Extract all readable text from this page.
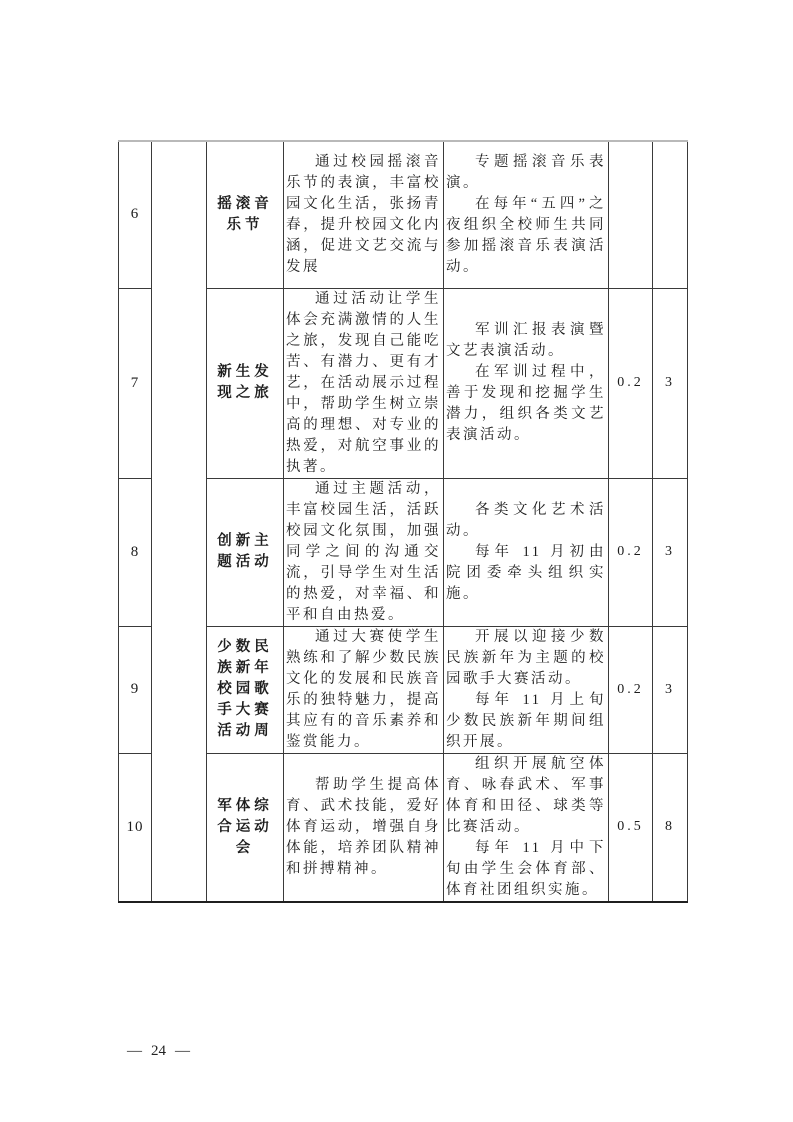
6		摇滚音乐节	通过校园摇滚音乐节的表演，丰富校园文化生活，张扬青春，提升校园文化内涵，促进文艺交流与发展	专题摇滚音乐表演。

在每年“五四”之夜组织全校师生共同参加摇滚音乐表演活动。		

7		新生发现之旅	通过活动让学生体会充满激情的人生之旅，发现自己能吃苦、有潜力、更有才艺，在活动展示过程中，帮助学生树立崇高的理想、对专业的热爱，对航空事业的执著。	军训汇报表演暨文艺表演活动。

在军训过程中，善于发现和挖掘学生潜力，组织各类文艺表演活动。	0.2	3
8		创新主题活动	通过主题活动，丰富校园生活，活跃校园文化氛围，加强同学之间的沟通交流，引导学生对生活的热爱，对幸福、和平和自由热爱。	各类文化艺术活动。

每年 11 月初由院团委牵头组织实施。	0.2	3
9		少数民族新年校园歌手大赛活动周	通过大赛使学生熟练和了解少数民族文化的发展和民族音乐的独特魅力，提高其应有的音乐素养和鉴赏能力。	开展以迎接少数民族新年为主题的校园歌手大赛活动。

每年 11 月上旬少数民族新年期间组织开展。	0.2	3
10		军体综合运动会	帮助学生提高体育、武术技能，爱好体育运动，增强自身体能，培养团队精神和拼搏精神。	组织开展航空体育、咏春武术、军事体育和田径、球类等比赛活动。

每年 11 月中下旬由学生会体育部、体育社团组织实施。	0.5	8
— 24 —
